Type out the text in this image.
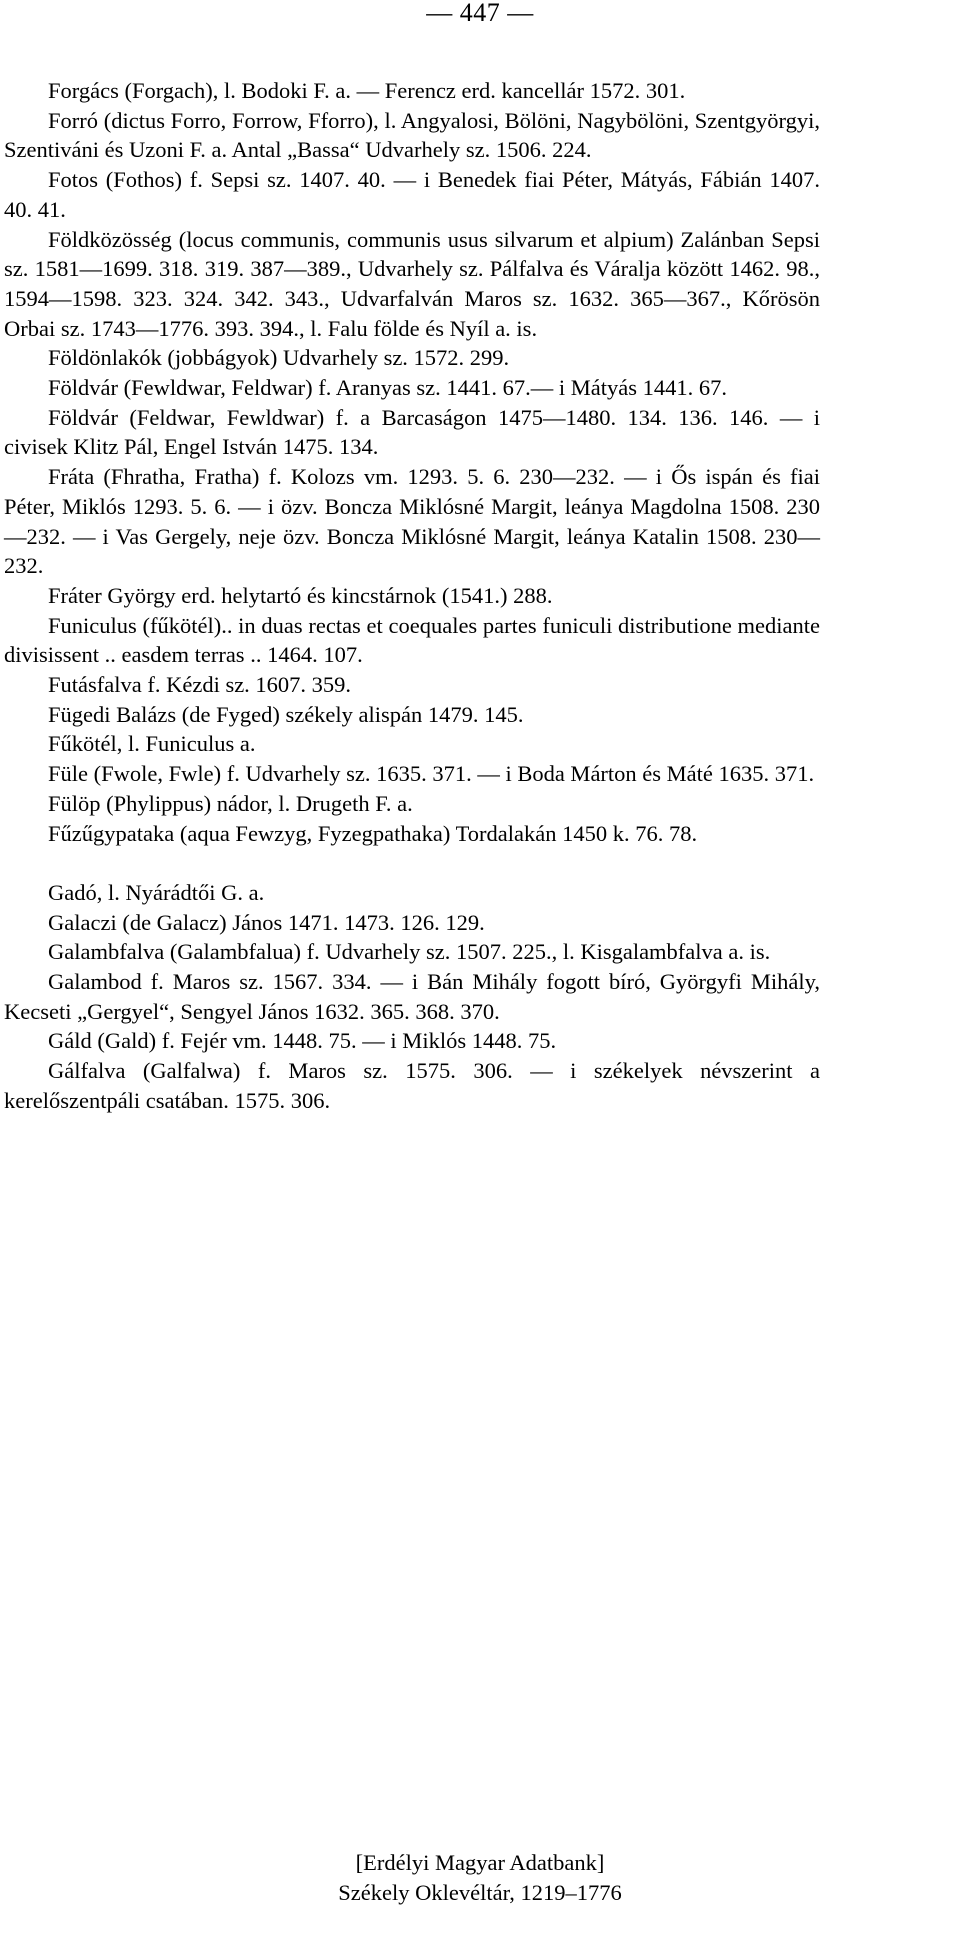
— 447 —

Forgács (Forgach), l. Bodoki F. a. — Ferencz erd. kancellár 1572. 301.

Forró (dictus Forro, Forrow, Fforro), l. Angyalosi, Bölöni, Nagybölöni, Szentgyörgyi, Szentiváni és Uzoni F. a. Antal „Bassa“ Udvarhely sz. 1506. 224.

Fotos (Fothos) f. Sepsi sz. 1407. 40. — i Benedek fiai Péter, Mátyás, Fábián 1407. 40. 41.

Földközösség (locus communis, communis usus silvarum et alpium) Zalánban Sepsi sz. 1581—1699. 318. 319. 387—389., Udvarhely sz. Pálfalva és Váralja között 1462. 98., 1594—1598. 323. 324. 342. 343., Udvarfalván Maros sz. 1632. 365—367., Kőrösön Orbai sz. 1743—1776. 393. 394., l. Falu földe és Nyíl a. is.

Földönlakók (jobbágyok) Udvarhely sz. 1572. 299.

Földvár (Fewldwar, Feldwar) f. Aranyas sz. 1441. 67.— i Mátyás 1441. 67.

Földvár (Feldwar, Fewldwar) f. a Barcaságon 1475—1480. 134. 136. 146. — i civisek Klitz Pál, Engel István 1475. 134.

Fráta (Fhratha, Fratha) f. Kolozs vm. 1293. 5. 6. 230—232. — i Ős ispán és fiai Péter, Miklós 1293. 5. 6. — i özv. Boncza Miklósné Margit, leánya Magdolna 1508. 230—232. — i Vas Gergely, neje özv. Boncza Miklósné Margit, leánya Katalin 1508. 230—232.

Fráter György erd. helytartó és kincstárnok (1541.) 288.

Funiculus (fűkötél).. in duas rectas et coequales partes funiculi distributione mediante divisissent .. easdem terras .. 1464. 107.

Futásfalva f. Kézdi sz. 1607. 359.

Fügedi Balázs (de Fyged) székely alispán 1479. 145.

Fűkötél, l. Funiculus a.

Füle (Fwole, Fwle) f. Udvarhely sz. 1635. 371. — i Boda Márton és Máté 1635. 371.

Fülöp (Phylippus) nádor, l. Drugeth F. a.

Fűzűgypataka (aqua Fewzyg, Fyzegpathaka) Tordalakán 1450 k. 76. 78.

Gadó, l. Nyárádtői G. a.

Galaczi (de Galacz) János 1471. 1473. 126. 129.

Galambfalva (Galambfalua) f. Udvarhely sz. 1507. 225., l. Kisgalambfalva a. is.

Galambod f. Maros sz. 1567. 334. — i Bán Mihály fogott bíró, Györgyfi Mihály, Kecseti „Gergyel“, Sengyel János 1632. 365. 368. 370.

Gáld (Gald) f. Fejér vm. 1448. 75. — i Miklós 1448. 75.

Gálfalva (Galfalwa) f. Maros sz. 1575. 306. — i székelyek névszerint a kerelőszentpáli csatában. 1575. 306.

[Erdélyi Magyar Adatbank]
Székely Oklevéltár, 1219–1776
